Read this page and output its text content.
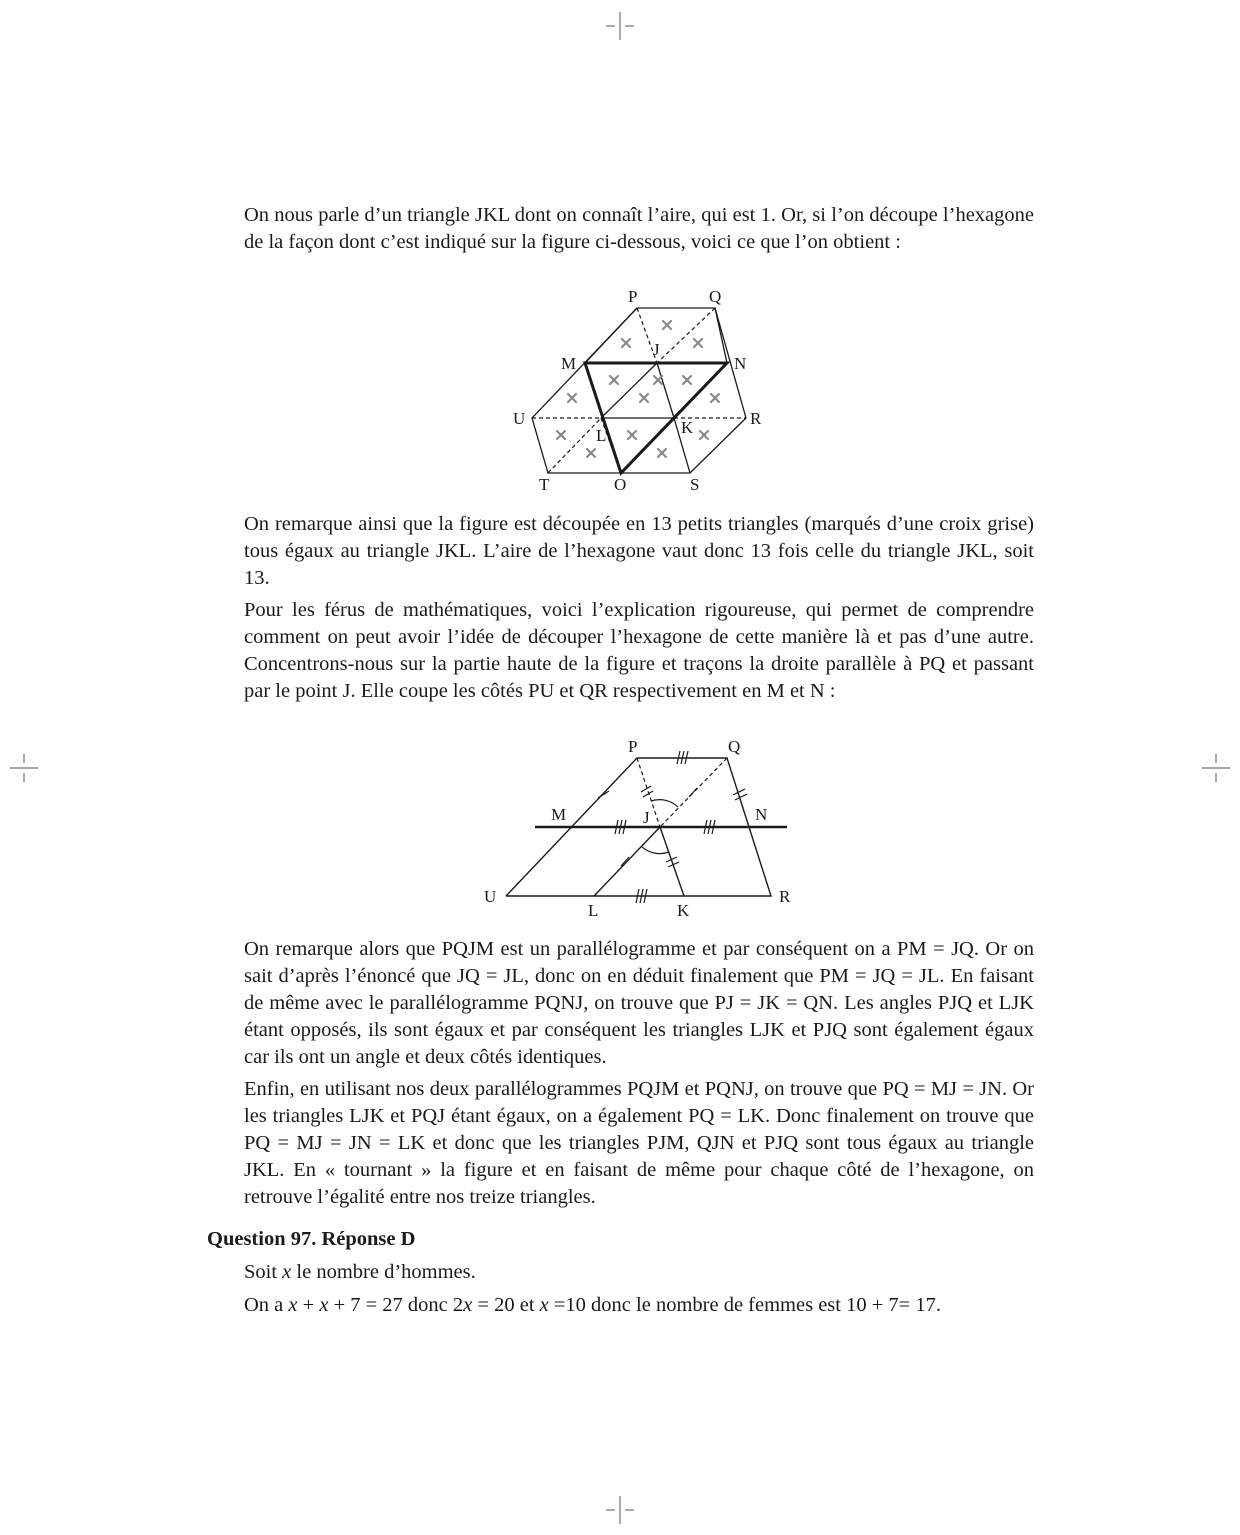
On nous parle d’un triangle JKL dont on connaît l’aire, qui est 1. Or, si l’on découpe l’hexagone de la façon dont c’est indiqué sur la figure ci-dessous, voici ce que l’on obtient :

P	Q
M	N
J
U	R
L	K
T	O	S

On remarque ainsi que la figure est découpée en 13 petits triangles (marqués d’une croix grise) tous égaux au triangle JKL. L’aire de l’hexagone vaut donc 13 fois celle du triangle JKL, soit 13.

Pour les férus de mathématiques, voici l’explication rigoureuse, qui permet de comprendre comment on peut avoir l’idée de découper l’hexagone de cette manière là et pas d’une autre. Concentrons-nous sur la partie haute de la figure et traçons la droite parallèle à PQ et passant par le point J. Elle coupe les côtés PU et QR respectivement en M et N :

P	Q
M	N
J
U	R
L	K

On remarque alors que PQJM est un parallélogramme et par conséquent on a PM = JQ. Or on sait d’après l’énoncé que JQ = JL, donc on en déduit finalement que PM = JQ = JL. En faisant de même avec le parallélogramme PQNJ, on trouve que PJ = JK = QN. Les angles PJQ et LJK étant opposés, ils sont égaux et par conséquent les triangles LJK et PJQ sont également égaux car ils ont un angle et deux côtés identiques.

Enfin, en utilisant nos deux parallélogrammes PQJM et PQNJ, on trouve que PQ = MJ = JN. Or les triangles LJK et PQJ étant égaux, on a également PQ = LK. Donc finalement on trouve que PQ = MJ = JN = LK et donc que les triangles PJM, QJN et PJQ sont tous égaux au triangle JKL. En « tournant » la figure et en faisant de même pour chaque côté de l’hexagone, on retrouve l’égalité entre nos treize triangles.

Question 97. Réponse D

Soit x le nombre d’hommes.

On a x + x + 7 = 27 donc 2x = 20 et x =10 donc le nombre de femmes est 10 + 7= 17.
